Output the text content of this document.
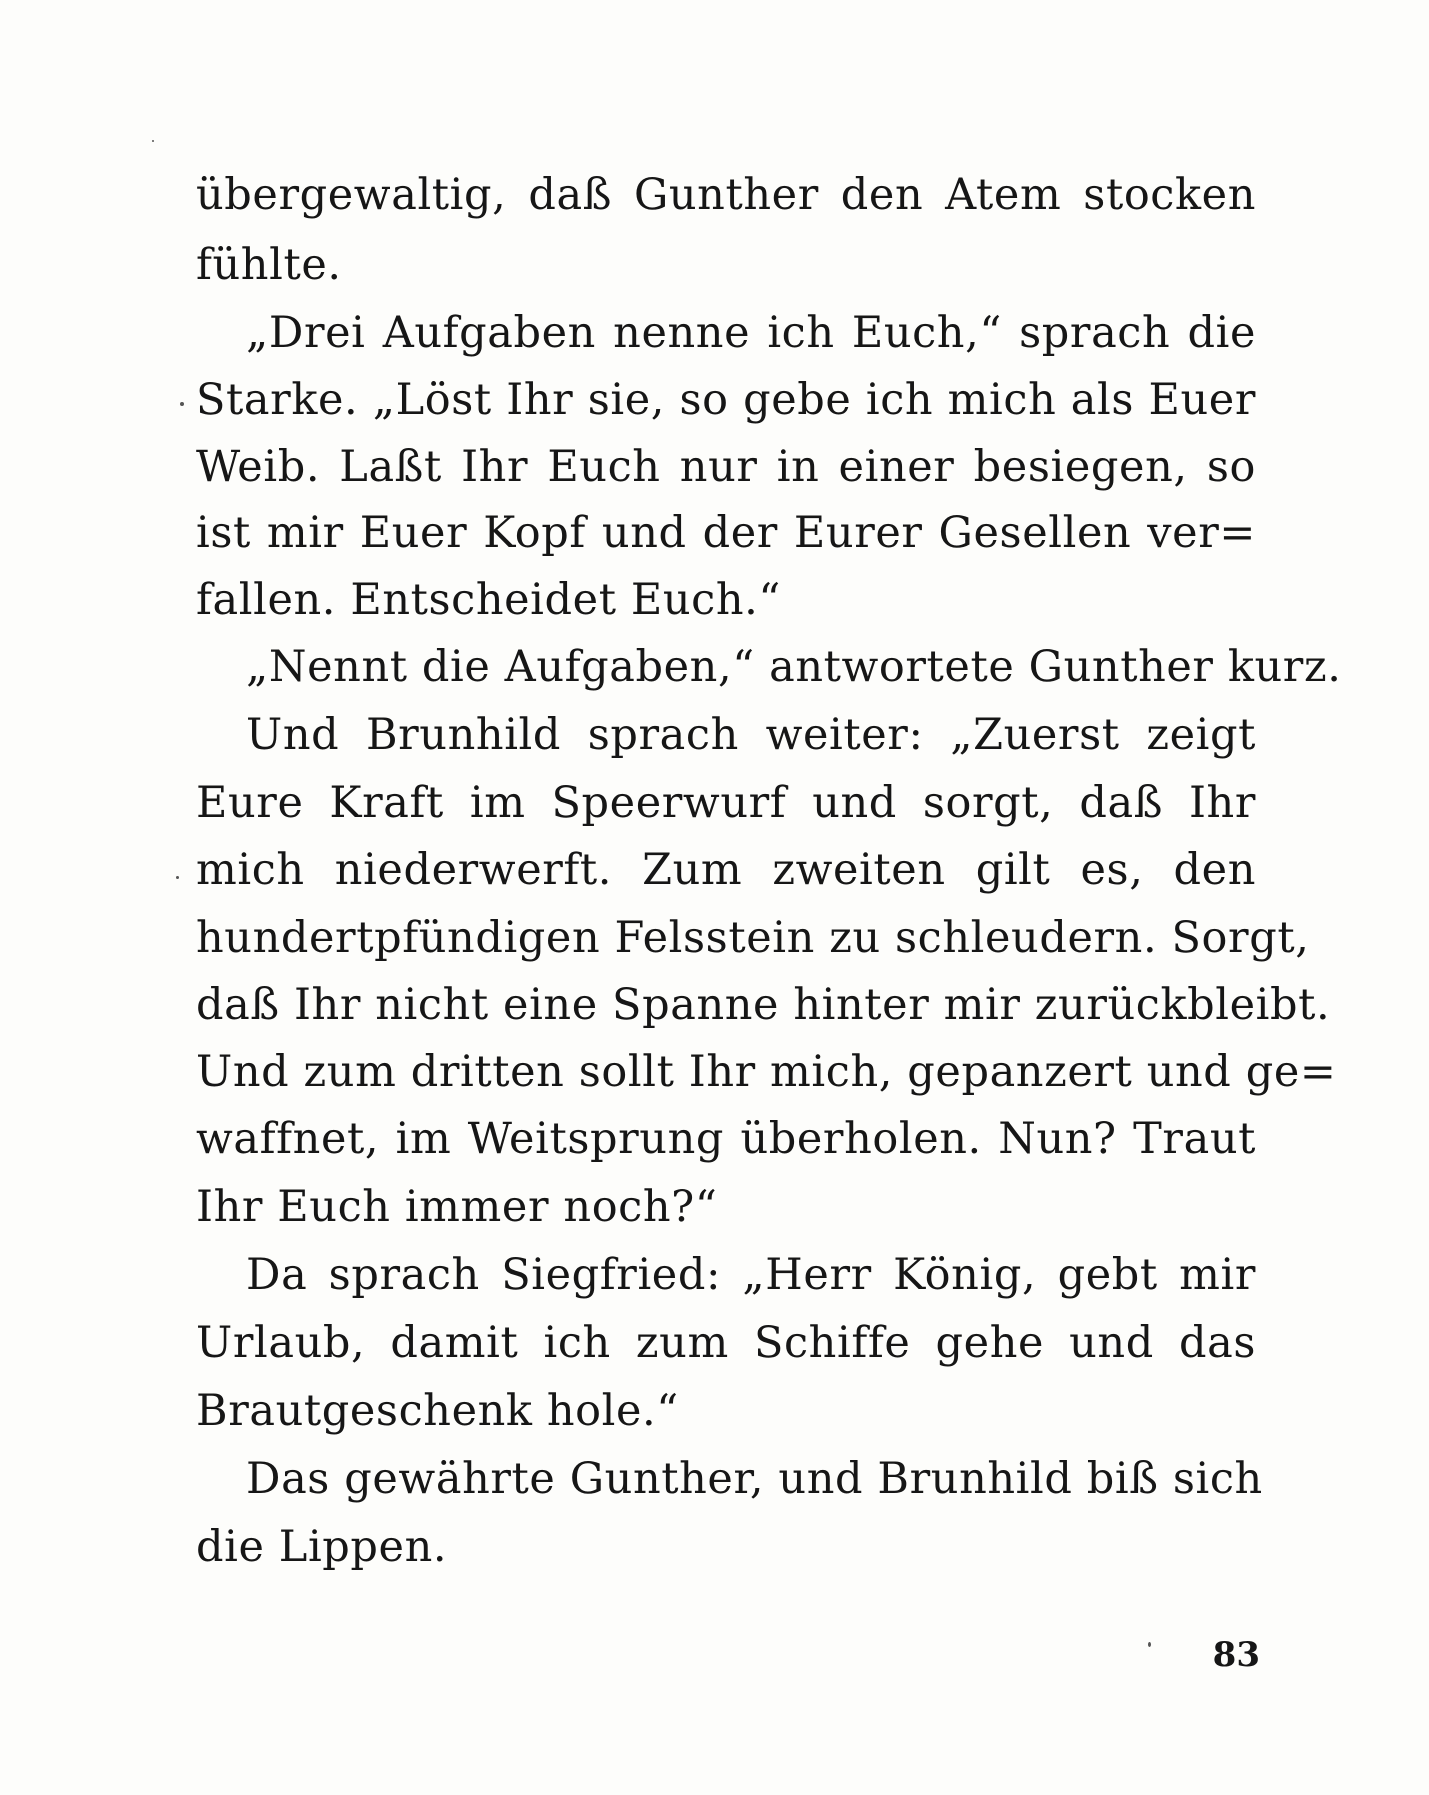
übergewaltig, daß Gunther den Atem stocken
fühlte.
„Drei Aufgaben nenne ich Euch,“ sprach die
Starke. „Löst Ihr sie, so gebe ich mich als Euer
Weib. Laßt Ihr Euch nur in einer besiegen, so
ist mir Euer Kopf und der Eurer Gesellen ver=
fallen. Entscheidet Euch.“
„Nennt die Aufgaben,“ antwortete Gunther kurz.
Und Brunhild sprach weiter: „Zuerst zeigt
Eure Kraft im Speerwurf und sorgt, daß Ihr
mich niederwerft. Zum zweiten gilt es, den
hundertpfündigen Felsstein zu schleudern. Sorgt,
daß Ihr nicht eine Spanne hinter mir zurückbleibt.
Und zum dritten sollt Ihr mich, gepanzert und ge=
waffnet, im Weitsprung überholen. Nun? Traut
Ihr Euch immer noch?“
Da sprach Siegfried: „Herr König, gebt mir
Urlaub, damit ich zum Schiffe gehe und das
Brautgeschenk hole.“
Das gewährte Gunther, und Brunhild biß sich
die Lippen.
83
